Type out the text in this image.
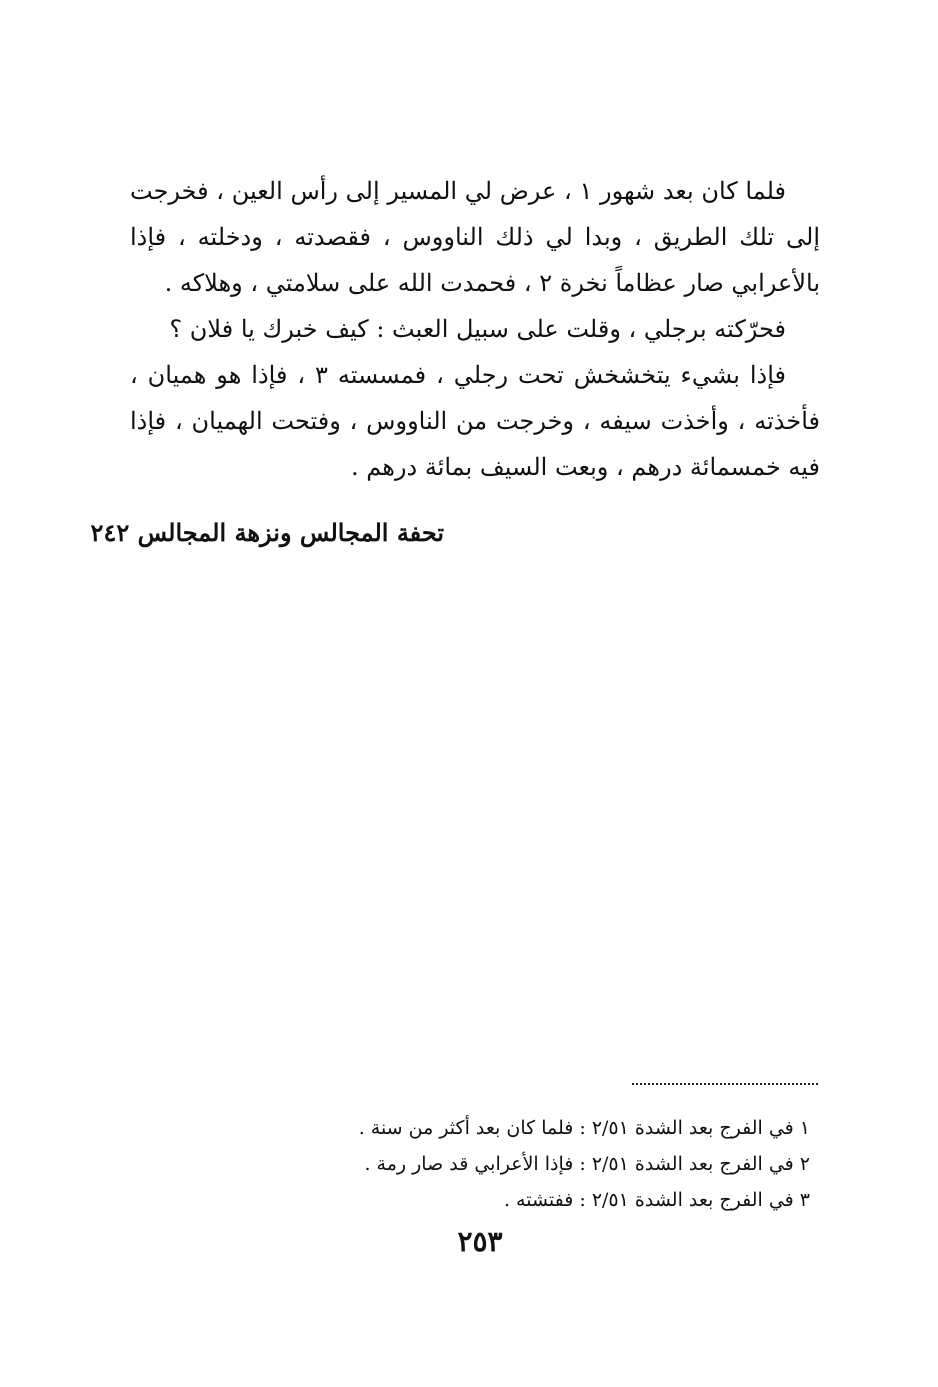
فلما كان بعد شهور ١ ، عرض لي المسير إلى رأس العين ، فخرجت إلى تلك الطريق ، وبدا لي ذلك الناووس ، فقصدته ، ودخلته ، فإذا بالأعرابي صار عظاماً نخرة ٢ ، فحمدت الله على سلامتي ، وهلاكه .

فحرّكته برجلي ، وقلت على سبيل العبث : كيف خبرك يا فلان ؟

فإذا بشيء يتخشخش تحت رجلي ، فمسسته ٣ ، فإذا هو هميان ، فأخذته ، وأخذت سيفه ، وخرجت من الناووس ، وفتحت الهميان ، فإذا فيه خمسمائة درهم ، وبعت السيف بمائة درهم .

تحفة المجالس ونزهة المجالس ٢٤٢
١ في الفرج بعد الشدة ٢/٥١ : فلما كان بعد أكثر من سنة .
٢ في الفرج بعد الشدة ٢/٥١ : فإذا الأعرابي قد صار رمة .
٣ في الفرج بعد الشدة ٢/٥١ : ففتشته .
٢٥٣
